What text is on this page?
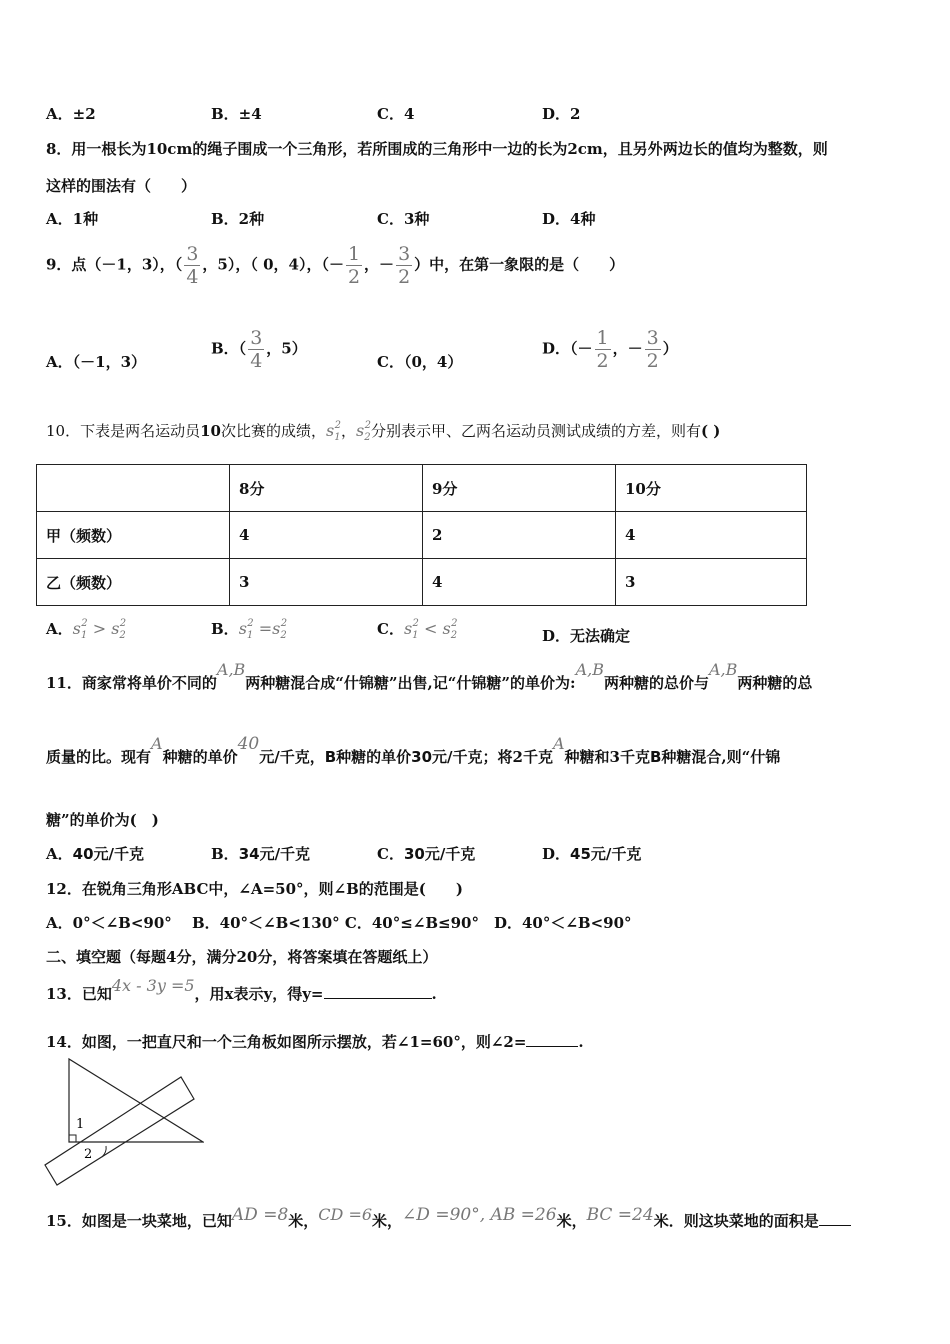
A．±2	B．±4	C．4	D．2
8．用一根长为10cm的绳子围成一个三角形，若所围成的三角形中一边的长为2cm，且另外两边长的值均为整数，则
这样的围法有（　　）
A．1种	B．2种	C．3种	D．4种
9．点（－1，3），（ $\frac{3}{4}$ ，5），（ 0，4），（－ $\frac{1}{2}$ ，－ $\frac{3}{2}$ ）中，在第一象限的是（　　）
A．（－1，3）
B．（ $\frac{3}{4}$ ，5）
C．（0，4）
D．（－ $\frac{1}{2}$ ，－ $\frac{3}{2}$ ）
10．下表是两名运动员10次比赛的成绩，$s_1^2$，$s_2^2$分别表示甲、乙两名运动员测试成绩的方差，则有( )
	8分	9分	10分
甲（频数）	4	2	4
乙（频数）	3	4	3
A．$s_1^2 > s_2^2$	B．$s_1^2 =s_2^2$	C．$s_1^2 < s_2^2$
D．无法确定
11．商家常将单价不同的A,B两种糖混合成“什锦糖”出售,记“什锦糖”的单价为:A,B两种糖的总价与A,B两种糖的总
质量的比。现有A种糖的单价40元/千克，B种糖的单价30元/千克；将2千克A种糖和3千克B种糖混合,则“什锦
糖”的单价为(　)
A．40元/千克	B．34元/千克	C．30元/千克	D．45元/千克
12．在锐角三角形ABC中，∠A=50°，则∠B的范围是(　　)
A．0°＜∠B<90°　 B．40°＜∠B<130° C．40°≤∠B≤90°　D．40°＜∠B<90°
二、填空题（每题4分，满分20分，将答案填在答题纸上）
13．已知4x - 3y =5，用x表示y，得y=	.
14．如图，一把直尺和一个三角板如图所示摆放，若∠1=60°，则∠2=	.
1
2
15．如图是一块菜地，已知AD =8米，CD =6米，∠D =90°, AB =26米，BC =24米．则这块菜地的面积是
